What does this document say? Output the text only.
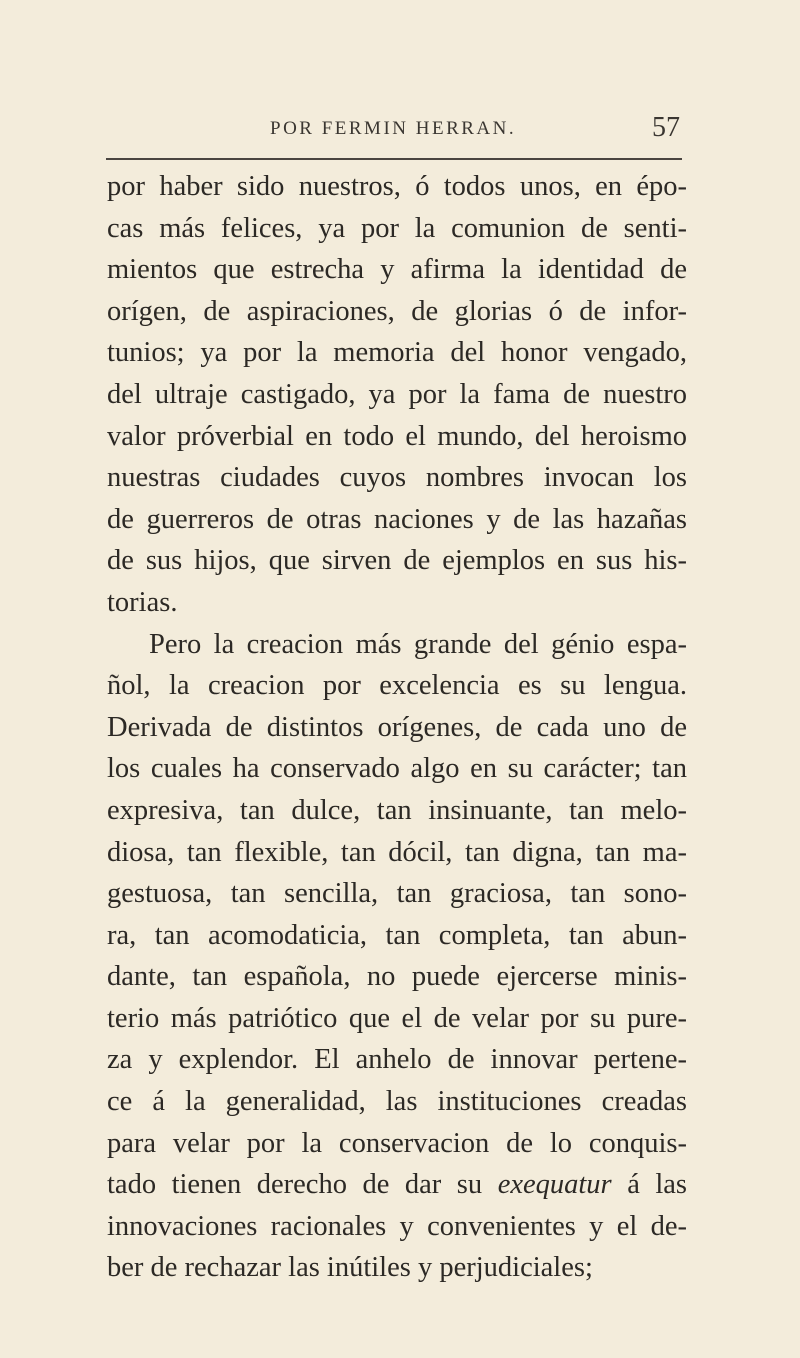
POR FERMIN HERRAN.	57
por haber sido nuestros, ó todos unos, en épo-
cas más felices, ya por la comunion de senti-
mientos que estrecha y afirma la identidad de
orígen, de aspiraciones, de glorias ó de infor-
tunios; ya por la memoria del honor vengado,
del ultraje castigado, ya por la fama de nuestro
valor próverbial en todo el mundo, del heroismo
nuestras ciudades cuyos nombres invocan los
de guerreros de otras naciones y de las hazañas
de sus hijos, que sirven de ejemplos en sus his-
torias.
Pero la creacion más grande del génio espa-
ñol, la creacion por excelencia es su lengua.
Derivada de distintos orígenes, de cada uno de
los cuales ha conservado algo en su carácter; tan
expresiva, tan dulce, tan insinuante, tan melo-
diosa, tan flexible, tan dócil, tan digna, tan ma-
gestuosa, tan sencilla, tan graciosa, tan sono-
ra, tan acomodaticia, tan completa, tan abun-
dante, tan española, no puede ejercerse minis-
terio más patriótico que el de velar por su pure-
za y explendor. El anhelo de innovar pertene-
ce á la generalidad, las instituciones creadas
para velar por la conservacion de lo conquis-
tado tienen derecho de dar su exequatur á las
innovaciones racionales y convenientes y el de-
ber de rechazar las inútiles y perjudiciales;
